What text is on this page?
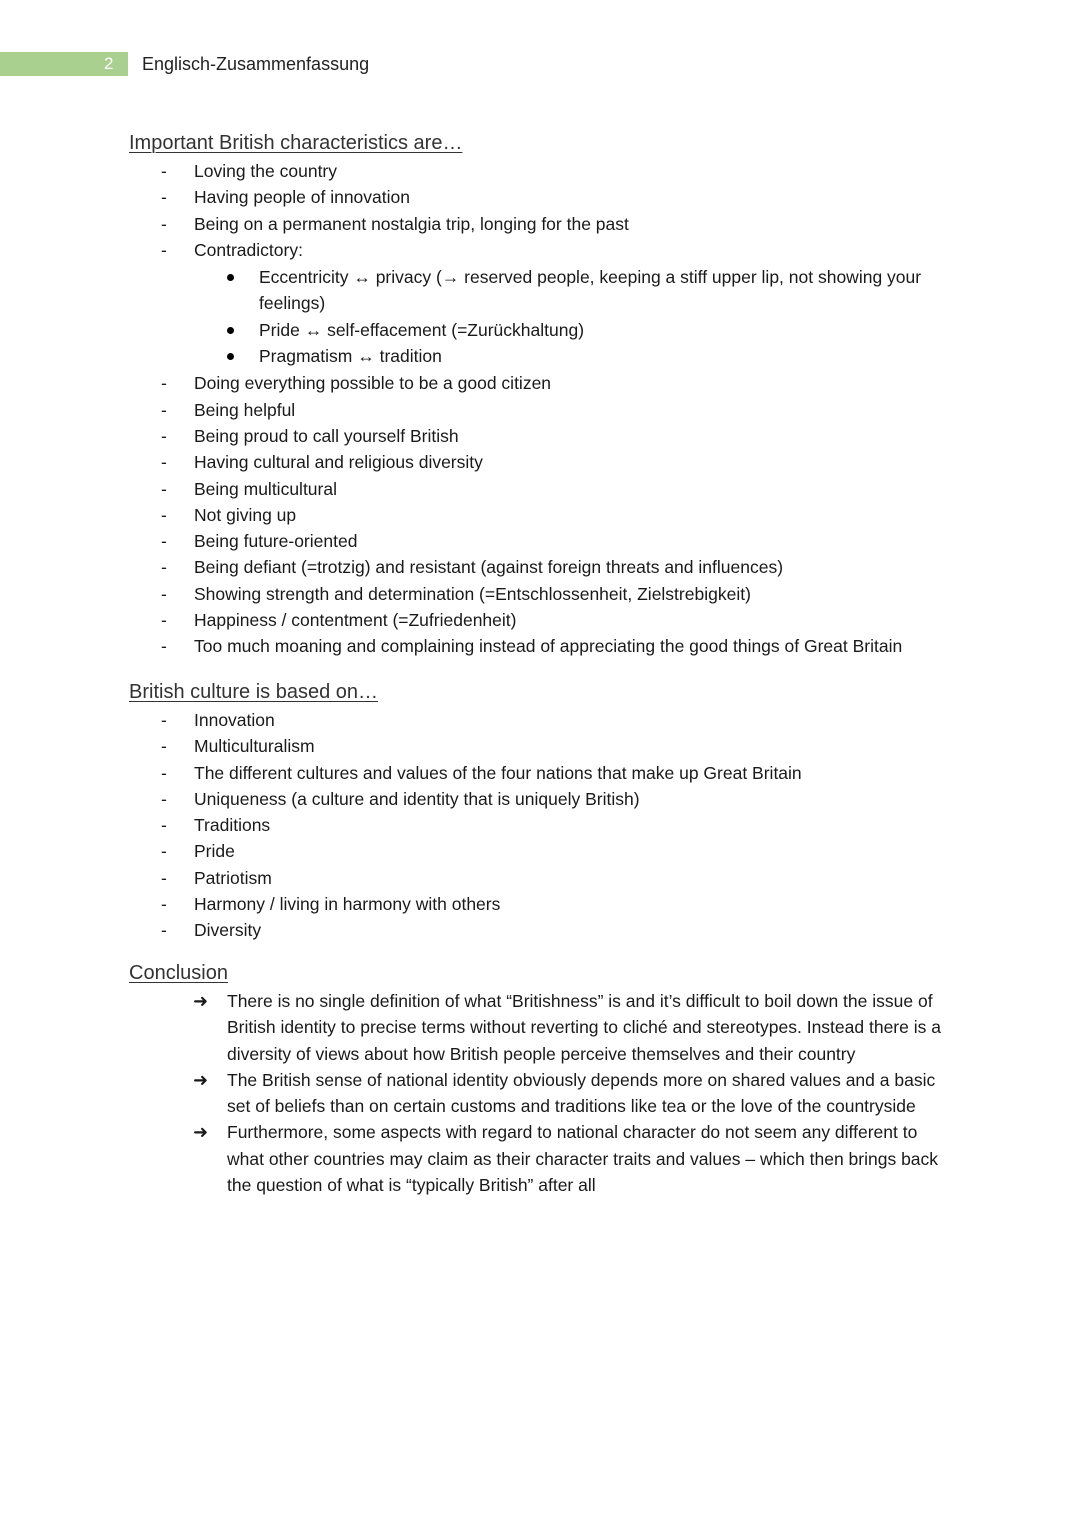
2	Englisch-Zusammenfassung
Important British characteristics are…
- Loving the country
- Having people of innovation
- Being on a permanent nostalgia trip, longing for the past
- Contradictory:
Eccentricity ↔ privacy (→ reserved people, keeping a stiff upper lip, not showing your feelings)
Pride ↔ self-effacement (=Zurückhaltung)
Pragmatism ↔ tradition
- Doing everything possible to be a good citizen
- Being helpful
- Being proud to call yourself British
- Having cultural and religious diversity
- Being multicultural
- Not giving up
- Being future-oriented
- Being defiant (=trotzig) and resistant (against foreign threats and influences)
- Showing strength and determination (=Entschlossenheit, Zielstrebigkeit)
- Happiness / contentment (=Zufriedenheit)
- Too much moaning and complaining instead of appreciating the good things of Great Britain
British culture is based on…
- Innovation
- Multiculturalism
- The different cultures and values of the four nations that make up Great Britain
- Uniqueness (a culture and identity that is uniquely British)
- Traditions
- Pride
- Patriotism
- Harmony / living in harmony with others
- Diversity
Conclusion
➜ There is no single definition of what “Britishness” is and it’s difficult to boil down the issue of British identity to precise terms without reverting to cliché and stereotypes. Instead there is a diversity of views about how British people perceive themselves and their country
➜ The British sense of national identity obviously depends more on shared values and a basic set of beliefs than on certain customs and traditions like tea or the love of the countryside
➜ Furthermore, some aspects with regard to national character do not seem any different to what other countries may claim as their character traits and values – which then brings back the question of what is “typically British” after all
